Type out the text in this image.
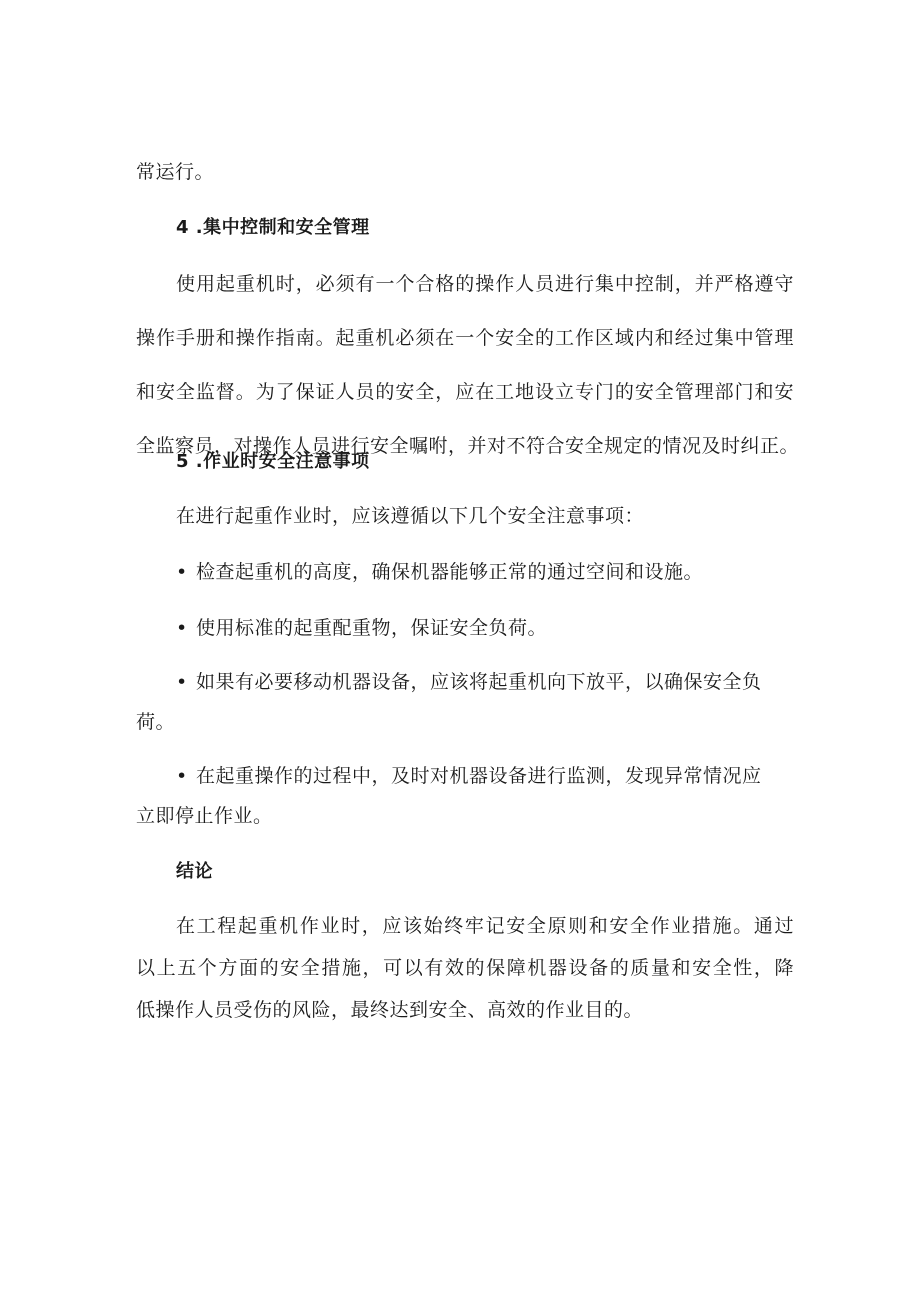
常运行。
4 .集中控制和安全管理
使用起重机时，必须有一个合格的操作人员进行集中控制，并严格遵守
操作手册和操作指南。起重机必须在一个安全的工作区域内和经过集中管理
和安全监督。为了保证人员的安全，应在工地设立专门的安全管理部门和安
全监察员，对操作人员进行安全嘱咐，并对不符合安全规定的情况及时纠正。
5 .作业时安全注意事项
在进行起重作业时，应该遵循以下几个安全注意事项：
• 检查起重机的高度，确保机器能够正常的通过空间和设施。
• 使用标准的起重配重物，保证安全负荷。
• 如果有必要移动机器设备，应该将起重机向下放平，以确保安全负
荷。
• 在起重操作的过程中，及时对机器设备进行监测，发现异常情况应
立即停止作业。
结论
在工程起重机作业时，应该始终牢记安全原则和安全作业措施。通过
以上五个方面的安全措施，可以有效的保障机器设备的质量和安全性，降
低操作人员受伤的风险，最终达到安全、高效的作业目的。
